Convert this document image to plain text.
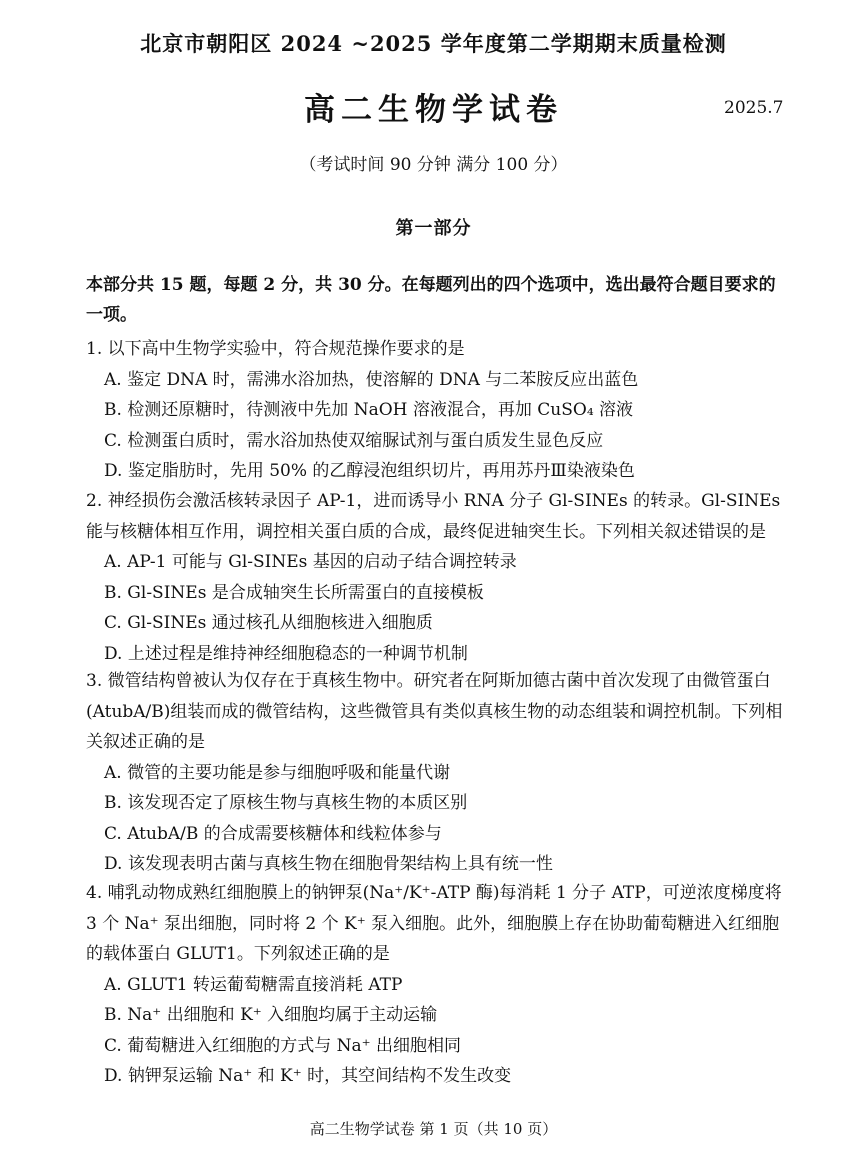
北京市朝阳区 2024 ~2025 学年度第二学期期末质量检测
高二生物学试卷	2025.7
（考试时间 90 分钟 满分 100 分）
第一部分
本部分共 15 题，每题 2 分，共 30 分。在每题列出的四个选项中，选出最符合题目要求的一项。

1. 以下高中生物学实验中，符合规范操作要求的是

A. 鉴定 DNA 时，需沸水浴加热，使溶解的 DNA 与二苯胺反应出蓝色

B. 检测还原糖时，待测液中先加 NaOH 溶液混合，再加 CuSO₄ 溶液

C. 检测蛋白质时，需水浴加热使双缩脲试剂与蛋白质发生显色反应

D. 鉴定脂肪时，先用 50% 的乙醇浸泡组织切片，再用苏丹Ⅲ染液染色

2. 神经损伤会激活核转录因子 AP-1，进而诱导小 RNA 分子 Gl-SINEs 的转录。Gl-SINEs 能与核糖体相互作用，调控相关蛋白质的合成，最终促进轴突生长。下列相关叙述错误的是

A. AP-1 可能与 Gl-SINEs 基因的启动子结合调控转录

B. Gl-SINEs 是合成轴突生长所需蛋白的直接模板

C. Gl-SINEs 通过核孔从细胞核进入细胞质

D. 上述过程是维持神经细胞稳态的一种调节机制

3. 微管结构曾被认为仅存在于真核生物中。研究者在阿斯加德古菌中首次发现了由微管蛋白(AtubA/B)组装而成的微管结构，这些微管具有类似真核生物的动态组装和调控机制。下列相关叙述正确的是

A. 微管的主要功能是参与细胞呼吸和能量代谢

B. 该发现否定了原核生物与真核生物的本质区别

C. AtubA/B 的合成需要核糖体和线粒体参与

D. 该发现表明古菌与真核生物在细胞骨架结构上具有统一性

4. 哺乳动物成熟红细胞膜上的钠钾泵(Na⁺/K⁺-ATP 酶)每消耗 1 分子 ATP，可逆浓度梯度将 3 个 Na⁺ 泵出细胞，同时将 2 个 K⁺ 泵入细胞。此外，细胞膜上存在协助葡萄糖进入红细胞的载体蛋白 GLUT1。下列叙述正确的是

A. GLUT1 转运葡萄糖需直接消耗 ATP

B. Na⁺ 出细胞和 K⁺ 入细胞均属于主动运输

C. 葡萄糖进入红细胞的方式与 Na⁺ 出细胞相同

D. 钠钾泵运输 Na⁺ 和 K⁺ 时，其空间结构不发生改变

高二生物学试卷 第 1 页（共 10 页）
